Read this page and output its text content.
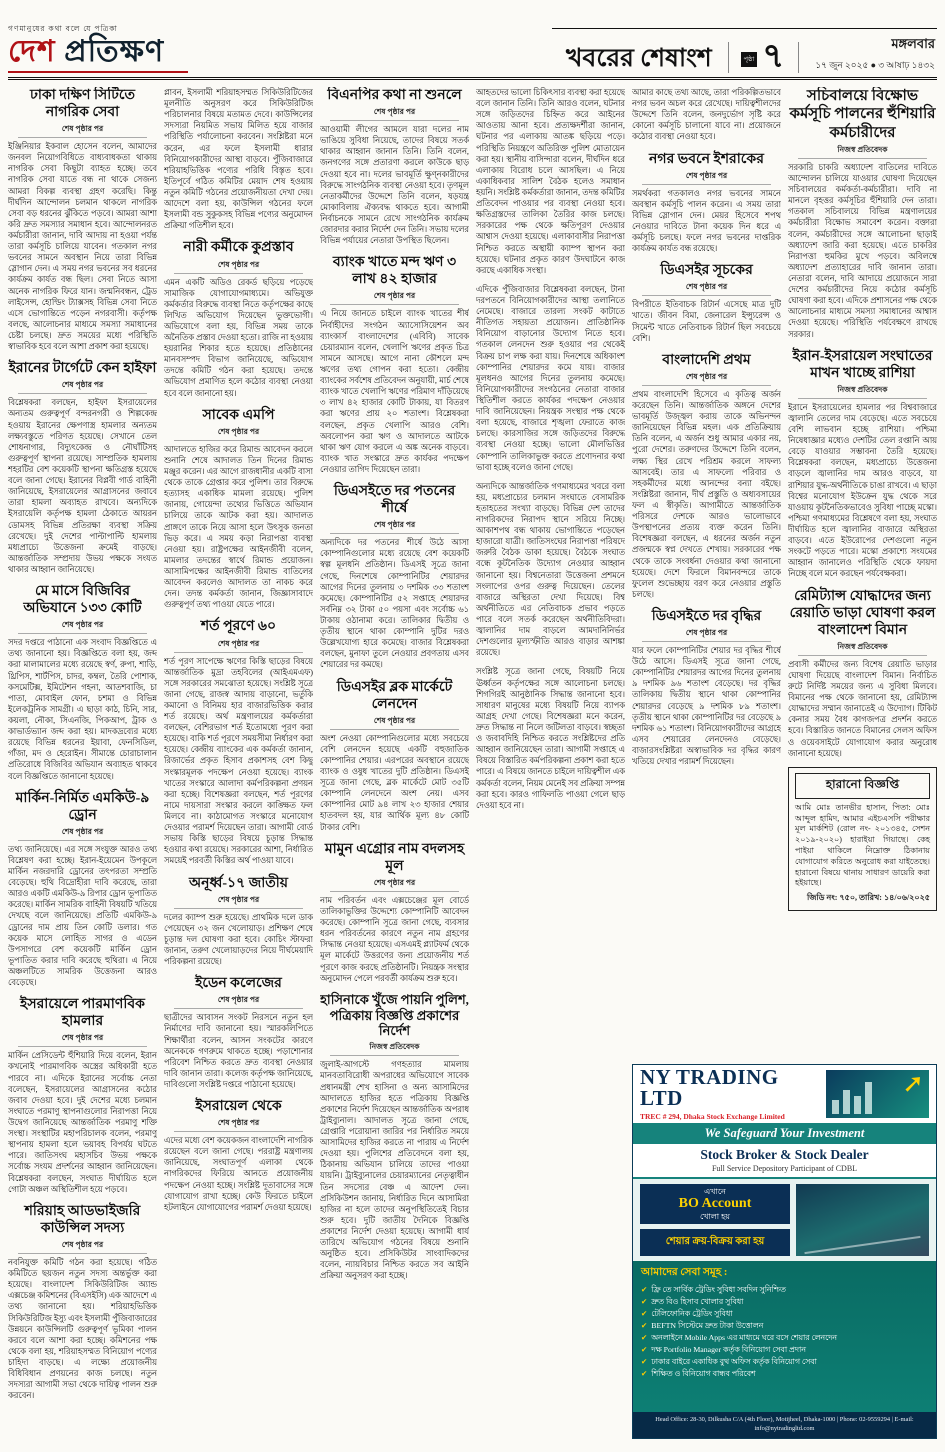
গণমানুষের কথা বলে যে পত্রিকা
দেশ প্রতিক্ষণ	খবরের শেষাংশ	পৃষ্ঠা ৭	মঙ্গলবার
১৭ জুন ২০২৫ ● ৩ আষাঢ় ১৪৩২
ঢাকা দক্ষিণ সিটিতে নাগরিক সেবা
শেষ পৃষ্ঠার পর

ইঞ্জিনিয়ার ইকবাল হোসেন বলেন, আমাদের জনবল নিয়োগবিধিতে বাধ্যবাধকতা থাকায় নাগরিক সেবা কিছুটা ব্যাহত হচ্ছে। তবে নাগরিক সেবা যাতে বন্ধ না থাকে সেজন্য আমরা বিকল্প ব্যবস্থা গ্রহণ করেছি। কিন্তু দীর্ঘদিন আন্দোলন চলমান থাকলে নাগরিক সেবা বড় ধরনের ঝুঁকিতে পড়বে। আমরা আশা করি দ্রুত সমস্যার সমাধান হবে। আন্দোলনরত কর্মচারীরা জানান, দাবি আদায় না হওয়া পর্যন্ত তারা কর্মসূচি চালিয়ে যাবেন। গতকাল নগর ভবনের সামনে অবস্থান নিয়ে তারা বিভিন্ন স্লোগান দেন। এ সময় নগর ভবনের সব ধরনের কার্যক্রম কার্যত বন্ধ ছিল। সেবা নিতে আসা অনেক নাগরিক ফিরে যান। জন্মনিবন্ধন, ট্রেড লাইসেন্স, হোল্ডিং ট্যাক্সসহ বিভিন্ন সেবা নিতে এসে ভোগান্তিতে পড়েন নগরবাসী। কর্তৃপক্ষ বলছে, আলোচনার মাধ্যমে সমস্যা সমাধানের চেষ্টা চলছে। দ্রুত সময়ের মধ্যে পরিস্থিতি স্বাভাবিক হবে বলে আশা প্রকাশ করা হয়েছে।

ইরানের টার্গেটে কেন হাইফা
শেষ পৃষ্ঠার পর

বিশ্লেষকরা বলছেন, হাইফা ইসরায়েলের অন্যতম গুরুত্বপূর্ণ বন্দরনগরী ও শিল্পকেন্দ্র হওয়ায় ইরানের ক্ষেপণাস্ত্র হামলার অন্যতম লক্ষ্যবস্তুতে পরিণত হয়েছে। সেখানে তেল শোধনাগার, বিদ্যুৎকেন্দ্র ও নৌঘাঁটিসহ গুরুত্বপূর্ণ স্থাপনা রয়েছে। সাম্প্রতিক হামলায় শহরটির বেশ কয়েকটি স্থাপনা ক্ষতিগ্রস্ত হয়েছে বলে জানা গেছে। ইরানের বিপ্লবী গার্ড বাহিনী জানিয়েছে, ইসরায়েলের আগ্রাসনের জবাবে তারা হামলা অব্যাহত রাখবে। অন্যদিকে ইসরায়েলি কর্তৃপক্ষ হামলা ঠেকাতে আয়রন ডোমসহ বিভিন্ন প্রতিরক্ষা ব্যবস্থা সক্রিয় রেখেছে। দুই দেশের পাল্টাপাল্টি হামলায় মধ্যপ্রাচ্যে উত্তেজনা ক্রমেই বাড়ছে। আন্তর্জাতিক সম্প্রদায় উভয় পক্ষকে সংযত থাকার আহ্বান জানিয়েছে।

মে মাসে বিজিবির অভিযানে ১৩৩ কোটি
শেষ পৃষ্ঠার পর

সদর দপ্তরে পাঠানো এক সংবাদ বিজ্ঞপ্তিতে এ তথ্য জানানো হয়। বিজ্ঞপ্তিতে বলা হয়, জব্দ করা মালামালের মধ্যে রয়েছে স্বর্ণ, রুপা, শাড়ি, থ্রিপিস, শার্টপিস, চাদর, কম্বল, তৈরি পোশাক, কসমেটিক্স, ইমিটেশন গহনা, আতশবাজি, চা পাতা, মোবাইল ফোন, চশমা ও বিভিন্ন ইলেকট্রনিক সামগ্রী। এ ছাড়া কাঠ, চিনি, সার, কয়লা, নৌকা, সিএনজি, পিকআপ, ট্রাক ও কাভার্ডভ্যান জব্দ করা হয়। মাদকদ্রব্যের মধ্যে রয়েছে বিভিন্ন ধরনের ইয়াবা, ফেনসিডিল, গাঁজা, মদ ও হেরোইন। সীমান্তে চোরাচালান প্রতিরোধে বিজিবির অভিযান অব্যাহত থাকবে বলে বিজ্ঞপ্তিতে জানানো হয়েছে।

মার্কিন-নির্মিত এমকিউ-৯ ড্রোন
শেষ পৃষ্ঠার পর

তথ্য জানিয়েছে। এর সঙ্গে সংযুক্ত আরও তথ্য বিশ্লেষণ করা হচ্ছে। ইরান-ইয়েমেন উপকূলে মার্কিন নজরদারি ড্রোনের তৎপরতা সম্প্রতি বেড়েছে। হুথি বিদ্রোহীরা দাবি করেছে, তারা আরও একটি এমকিউ-৯ রিপার ড্রোন ভূপাতিত করেছে। মার্কিন সামরিক বাহিনী বিষয়টি খতিয়ে দেখছে বলে জানিয়েছে। প্রতিটি এমকিউ-৯ ড্রোনের দাম প্রায় তিন কোটি ডলার। গত কয়েক মাসে লোহিত সাগর ও এডেন উপসাগরে বেশ কয়েকটি মার্কিন ড্রোন ভূপাতিত করার দাবি করেছে হুথিরা। এ নিয়ে অঞ্চলটিতে সামরিক উত্তেজনা আরও বেড়েছে।

ইসরায়েলে পারমাণবিক হামলার
শেষ পৃষ্ঠার পর

মার্কিন প্রেসিডেন্ট হুঁশিয়ারি দিয়ে বলেন, ইরান কখনোই পারমাণবিক অস্ত্রের অধিকারী হতে পারবে না। এদিকে ইরানের সর্বোচ্চ নেতা বলেছেন, ইসরায়েলের আগ্রাসনের কঠোর জবাব দেওয়া হবে। দুই দেশের মধ্যে চলমান সংঘাতে পরমাণু স্থাপনাগুলোর নিরাপত্তা নিয়ে উদ্বেগ জানিয়েছে আন্তর্জাতিক পরমাণু শক্তি সংস্থা। সংস্থাটির মহাপরিচালক বলেন, পরমাণু স্থাপনায় হামলা হলে ভয়াবহ বিপর্যয় ঘটতে পারে। জাতিসংঘ মহাসচিব উভয় পক্ষকে সর্বোচ্চ সংযম প্রদর্শনের আহ্বান জানিয়েছেন। বিশ্লেষকরা বলছেন, সংঘাত দীর্ঘায়িত হলে গোটা অঞ্চল অস্থিতিশীল হয়ে পড়বে।

শরিয়াহ আডভাইজরি কাউন্সিল সদস্য
শেষ পৃষ্ঠার পর

নবনিযুক্ত কমিটি গঠন করা হয়েছে। গঠিত কমিটিতে ছয়জন নতুন সদস্য অন্তর্ভুক্ত করা হয়েছে। বাংলাদেশ সিকিউরিটিজ অ্যান্ড এক্সচেঞ্জ কমিশনের (বিএসইসি) এক আদেশে এ তথ্য জানানো হয়। শরিয়াহভিত্তিক সিকিউরিটিজ ইস্যু এবং ইসলামী পুঁজিবাজারের উন্নয়নে কাউন্সিলটি গুরুত্বপূর্ণ ভূমিকা পালন করবে বলে আশা করা হচ্ছে। কমিশনের পক্ষ থেকে বলা হয়, শরিয়াহসম্মত বিনিয়োগ পণ্যের চাহিদা বাড়ছে। এ লক্ষ্যে প্রয়োজনীয় বিধিবিধান প্রণয়নের কাজ চলছে। নতুন সদস্যরা আগামী সভা থেকে দায়িত্ব পালন শুরু করবেন।

প্লাবন, ইসলামী শরিয়াহসম্মত সিকিউরিটিজের মূলনীতি অনুসরণ করে সিকিউরিটিজ পরিচালনার বিষয়ে মতামত দেবে। কাউন্সিলের সদস্যরা নিয়মিত সভায় মিলিত হয়ে বাজার পরিস্থিতি পর্যালোচনা করবেন। সংশ্লিষ্টরা মনে করেন, এর ফলে ইসলামী ধারার বিনিয়োগকারীদের আস্থা বাড়বে। পুঁজিবাজারে শরিয়াহভিত্তিক পণ্যের পরিধি বিস্তৃত হবে। ইতিপূর্বে গঠিত কমিটির মেয়াদ শেষ হওয়ায় নতুন কমিটি গঠনের প্রয়োজনীয়তা দেখা দেয়। আদেশে বলা হয়, কাউন্সিল গঠনের ফলে ইসলামী বন্ড সুকুকসহ বিভিন্ন পণ্যের অনুমোদন প্রক্রিয়া গতিশীল হবে।

নারী কর্মীকে কুপ্রস্তাব
শেষ পৃষ্ঠার পর

এমন একটি অডিও রেকর্ড ছড়িয়ে পড়েছে সামাজিক যোগাযোগমাধ্যমে। অভিযুক্ত কর্মকর্তার বিরুদ্ধে ব্যবস্থা নিতে কর্তৃপক্ষের কাছে লিখিত অভিযোগ দিয়েছেন ভুক্তভোগী। অভিযোগে বলা হয়, বিভিন্ন সময় তাকে অনৈতিক প্রস্তাব দেওয়া হতো। রাজি না হওয়ায় হয়রানির শিকার হতে হয়েছে। প্রতিষ্ঠানের মানবসম্পদ বিভাগ জানিয়েছে, অভিযোগ তদন্তে কমিটি গঠন করা হয়েছে। তদন্তে অভিযোগ প্রমাণিত হলে কঠোর ব্যবস্থা নেওয়া হবে বলে জানানো হয়।

সাবেক এমপি
শেষ পৃষ্ঠার পর

আদালতে হাজির করে রিমান্ড আবেদন করলে শুনানি শেষে আদালত তিন দিনের রিমান্ড মঞ্জুর করেন। এর আগে রাজধানীর একটি বাসা থেকে তাকে গ্রেপ্তার করে পুলিশ। তার বিরুদ্ধে হত্যাসহ একাধিক মামলা রয়েছে। পুলিশ জানায়, গোয়েন্দা তথ্যের ভিত্তিতে অভিযান চালিয়ে তাকে আটক করা হয়। আদালত প্রাঙ্গণে তাকে নিয়ে আসা হলে উৎসুক জনতা ভিড় করে। এ সময় কড়া নিরাপত্তা ব্যবস্থা নেওয়া হয়। রাষ্ট্রপক্ষের আইনজীবী বলেন, মামলার তদন্তের স্বার্থে রিমান্ড প্রয়োজন। আসামিপক্ষের আইনজীবী রিমান্ড বাতিলের আবেদন করলেও আদালত তা নাকচ করে দেন। তদন্ত কর্মকর্তা জানান, জিজ্ঞাসাবাদে গুরুত্বপূর্ণ তথ্য পাওয়া যেতে পারে।

শর্ত পূরণে ৬০
শেষ পৃষ্ঠার পর

শর্ত পূরণ সাপেক্ষে ঋণের কিস্তি ছাড়ের বিষয়ে আন্তর্জাতিক মুদ্রা তহবিলের (আইএমএফ) সঙ্গে সরকারের সমঝোতা হয়েছে। সংশ্লিষ্ট সূত্রে জানা গেছে, রাজস্ব আদায় বাড়ানো, ভর্তুকি কমানো ও বিনিময় হার বাজারভিত্তিক করার শর্ত রয়েছে। অর্থ মন্ত্রণালয়ের কর্মকর্তারা বলছেন, বেশিরভাগ শর্ত ইতোমধ্যে পূরণ করা হয়েছে। বাকি শর্ত পূরণে সময়সীমা নির্ধারণ করা হয়েছে। কেন্দ্রীয় ব্যাংকের এক কর্মকর্তা জানান, রিজার্ভের প্রকৃত হিসাব প্রকাশসহ বেশ কিছু সংস্কারমূলক পদক্ষেপ নেওয়া হয়েছে। ব্যাংক খাতের সংস্কারে আলাদা কর্মপরিকল্পনা প্রণয়ন করা হচ্ছে। বিশেষজ্ঞরা বলছেন, শর্ত পূরণের নামে দায়সারা সংস্কার করলে কাঙ্ক্ষিত ফল মিলবে না। কাঠামোগত সংস্কারে মনোযোগ দেওয়ার পরামর্শ দিয়েছেন তারা। আগামী বোর্ড সভায় কিস্তি ছাড়ের বিষয়ে চূড়ান্ত সিদ্ধান্ত হওয়ার কথা রয়েছে। সরকারের আশা, নির্ধারিত সময়েই পরবর্তী কিস্তির অর্থ পাওয়া যাবে।

অনূর্ধ্ব-১৭ জাতীয়
শেষ পৃষ্ঠার পর

দলের ক্যাম্প শুরু হয়েছে। প্রাথমিক দলে ডাক পেয়েছেন ৩২ জন খেলোয়াড়। প্রশিক্ষণ শেষে চূড়ান্ত দল ঘোষণা করা হবে। কোচিং স্টাফরা জানান, তরুণ খেলোয়াড়দের নিয়ে দীর্ঘমেয়াদি পরিকল্পনা রয়েছে।

ইডেন কলেজের
শেষ পৃষ্ঠার পর

ছাত্রীদের আবাসন সংকট নিরসনে নতুন হল নির্মাণের দাবি জানানো হয়। স্মারকলিপিতে শিক্ষার্থীরা বলেন, আসন সংকটের কারণে অনেককে গণরুমে থাকতে হচ্ছে। পড়াশোনার পরিবেশ নিশ্চিত করতে দ্রুত ব্যবস্থা নেওয়ার দাবি জানান তারা। কলেজ কর্তৃপক্ষ জানিয়েছে, দাবিগুলো সংশ্লিষ্ট দপ্তরে পাঠানো হয়েছে।

ইসরায়েল থেকে
শেষ পৃষ্ঠার পর

এদের মধ্যে বেশ কয়েকজন বাংলাদেশি নাগরিক রয়েছেন বলে জানা গেছে। পররাষ্ট্র মন্ত্রণালয় জানিয়েছে, সংঘাতপূর্ণ এলাকা থেকে নাগরিকদের ফিরিয়ে আনতে প্রয়োজনীয় পদক্ষেপ নেওয়া হচ্ছে। সংশ্লিষ্ট দূতাবাসের সঙ্গে যোগাযোগ রাখা হচ্ছে। কেউ ফিরতে চাইলে হটলাইনে যোগাযোগের পরামর্শ দেওয়া হয়েছে।

বিএনপির কথা না শুনলে
শেষ পৃষ্ঠার পর

আওয়ামী লীগের আমলে যারা দলের নাম ভাঙিয়ে সুবিধা নিয়েছে, তাদের বিষয়ে সতর্ক থাকার আহ্বান জানান তিনি। তিনি বলেন, জনগণের সঙ্গে প্রতারণা করলে কাউকে ছাড় দেওয়া হবে না। দলের ভাবমূর্তি ক্ষুণ্নকারীদের বিরুদ্ধে সাংগঠনিক ব্যবস্থা নেওয়া হবে। তৃণমূল নেতাকর্মীদের উদ্দেশে তিনি বলেন, ষড়যন্ত্র মোকাবিলায় ঐক্যবদ্ধ থাকতে হবে। আগামী নির্বাচনকে সামনে রেখে সাংগঠনিক কার্যক্রম জোরদার করার নির্দেশ দেন তিনি। সভায় দলের বিভিন্ন পর্যায়ের নেতারা উপস্থিত ছিলেন।

ব্যাংক খাতে মন্দ ঋণ ৩ লাখ ৪২ হাজার
শেষ পৃষ্ঠার পর

এ নিয়ে জানতে চাইলে ব্যাংক খাতের শীর্ষ নির্বাহীদের সংগঠন অ্যাসোসিয়েশন অব ব্যাংকার্স বাংলাদেশের (এবিবি) সাবেক চেয়ারম্যান বলেন, খেলাপি ঋণের প্রকৃত চিত্র সামনে আসছে। আগে নানা কৌশলে মন্দ ঋণের তথ্য গোপন করা হতো। কেন্দ্রীয় ব্যাংকের সর্বশেষ প্রতিবেদন অনুযায়ী, মার্চ শেষে ব্যাংক খাতে খেলাপি ঋণের পরিমাণ দাঁড়িয়েছে ৩ লাখ ৪২ হাজার কোটি টাকায়, যা বিতরণ করা ঋণের প্রায় ২০ শতাংশ। বিশ্লেষকরা বলছেন, প্রকৃত খেলাপি আরও বেশি। অবলোপন করা ঋণ ও আদালতে আটকে থাকা ঋণ যোগ করলে এ অঙ্ক অনেক বাড়বে। ব্যাংক খাত সংস্কারে দ্রুত কার্যকর পদক্ষেপ নেওয়ার তাগিদ দিয়েছেন তারা।

ডিএসইতে দর পতনের শীর্ষে
শেষ পৃষ্ঠার পর

অন্যদিকে দর পতনের শীর্ষে উঠে আসা কোম্পানিগুলোর মধ্যে রয়েছে বেশ কয়েকটি স্বল্প মূলধনি প্রতিষ্ঠান। ডিএসই সূত্রে জানা গেছে, দিনশেষে কোম্পানিটির শেয়ারদর আগের দিনের তুলনায় ৩ দশমিক ৩৩ শতাংশ কমেছে। কোম্পানিটির ৫২ সপ্তাহে শেয়ারদর সর্বনিম্ন ৩২ টাকা ৫০ পয়সা এবং সর্বোচ্চ ৬১ টাকায় ওঠানামা করে। তালিকার দ্বিতীয় ও তৃতীয় স্থানে থাকা কোম্পানি দুটির দরও উল্লেখযোগ্য হারে কমেছে। বাজার বিশ্লেষকরা বলছেন, মুনাফা তুলে নেওয়ার প্রবণতায় এসব শেয়ারের দর কমছে।

ডিএসইর ব্লক মার্কেটে লেনদেন
শেষ পৃষ্ঠার পর

অংশ নেওয়া কোম্পানিগুলোর মধ্যে সবচেয়ে বেশি লেনদেন হয়েছে একটি বহুজাতিক কোম্পানির শেয়ার। এরপরের অবস্থানে রয়েছে ব্যাংক ও ওষুধ খাতের দুটি প্রতিষ্ঠান। ডিএসই সূত্রে জানা গেছে, ব্লক মার্কেটে মোট ৩৫টি কোম্পানি লেনদেনে অংশ নেয়। এসব কোম্পানির মোট ৯৪ লাখ ২৩ হাজার শেয়ার হাতবদল হয়, যার আর্থিক মূল্য ৪৮ কোটি টাকার বেশি।

মামুন এগ্রোর নাম বদলসহ মূল
শেষ পৃষ্ঠার পর

নাম পরিবর্তন এবং এক্সচেঞ্জের মূল বোর্ডে তালিকাভুক্তির উদ্দেশ্যে কোম্পানিটি আবেদন করেছে। কোম্পানি সূত্রে জানা গেছে, ব্যবসার ধরন পরিবর্তনের কারণে নতুন নাম গ্রহণের সিদ্ধান্ত নেওয়া হয়েছে। এসএমই প্ল্যাটফর্ম থেকে মূল মার্কেটে উত্তরণের জন্য প্রয়োজনীয় শর্ত পূরণে কাজ করছে প্রতিষ্ঠানটি। নিয়ন্ত্রক সংস্থার অনুমোদন পেলে পরবর্তী কার্যক্রম শুরু হবে।

হাসিনাকে খুঁজে পায়নি পুলিশ, পত্রিকায় বিজ্ঞপ্তি প্রকাশের নির্দেশ
নিজস্ব প্রতিবেদক

জুলাই-আগস্টে গণহত্যার মামলায় মানবতাবিরোধী অপরাধের অভিযোগে সাবেক প্রধানমন্ত্রী শেখ হাসিনা ও অন্য আসামিদের আদালতে হাজির হতে পত্রিকায় বিজ্ঞপ্তি প্রকাশের নির্দেশ দিয়েছেন আন্তর্জাতিক অপরাধ ট্রাইব্যুনাল। আদালত সূত্রে জানা গেছে, গ্রেপ্তারি পরোয়ানা জারির পর নির্ধারিত সময়ে আসামিদের হাজির করতে না পারায় এ নির্দেশ দেওয়া হয়। পুলিশের প্রতিবেদনে বলা হয়, ঠিকানায় অভিযান চালিয়ে তাদের পাওয়া যায়নি। ট্রাইব্যুনালের চেয়ারম্যানের নেতৃত্বাধীন তিন সদস্যের বেঞ্চ এ আদেশ দেন। প্রসিকিউশন জানায়, নির্ধারিত দিনে আসামিরা হাজির না হলে তাদের অনুপস্থিতিতেই বিচার শুরু হবে। দুটি জাতীয় দৈনিকে বিজ্ঞপ্তি প্রকাশের নির্দেশ দেওয়া হয়েছে। আগামী ধার্য তারিখে অভিযোগ গঠনের বিষয়ে শুনানি অনুষ্ঠিত হবে। প্রসিকিউটর সাংবাদিকদের বলেন, ন্যায়বিচার নিশ্চিত করতে সব আইনি প্রক্রিয়া অনুসরণ করা হচ্ছে।

আহতদের ভালো চিকিৎসার ব্যবস্থা করা হয়েছে বলে জানান তিনি। তিনি আরও বলেন, ঘটনার সঙ্গে জড়িতদের চিহ্নিত করে আইনের আওতায় আনা হবে। প্রত্যক্ষদর্শীরা জানান, ঘটনার পর এলাকায় আতঙ্ক ছড়িয়ে পড়ে। পরিস্থিতি নিয়ন্ত্রণে অতিরিক্ত পুলিশ মোতায়েন করা হয়। স্থানীয় বাসিন্দারা বলেন, দীর্ঘদিন ধরে এলাকায় বিরোধ চলে আসছিল। এ নিয়ে একাধিকবার সালিশ বৈঠক হলেও সমাধান হয়নি। সংশ্লিষ্ট কর্মকর্তারা জানান, তদন্ত কমিটির প্রতিবেদন পাওয়ার পর ব্যবস্থা নেওয়া হবে। ক্ষতিগ্রস্তদের তালিকা তৈরির কাজ চলছে। সরকারের পক্ষ থেকে ক্ষতিপূরণ দেওয়ার আশ্বাস দেওয়া হয়েছে। এলাকাবাসীর নিরাপত্তা নিশ্চিত করতে অস্থায়ী ক্যাম্প স্থাপন করা হয়েছে। ঘটনার প্রকৃত কারণ উদঘাটনে কাজ করছে একাধিক সংস্থা।

এদিকে পুঁজিবাজার বিশ্লেষকরা বলছেন, টানা দরপতনে বিনিয়োগকারীদের আস্থা তলানিতে নেমেছে। বাজারে তারল্য সংকট কাটাতে নীতিগত সহায়তা প্রয়োজন। প্রাতিষ্ঠানিক বিনিয়োগ বাড়ানোর উদ্যোগ নিতে হবে। গতকাল লেনদেন শুরু হওয়ার পর থেকেই বিক্রয় চাপ লক্ষ করা যায়। দিনশেষে অধিকাংশ কোম্পানির শেয়ারদর কমে যায়। বাজার মূলধনও আগের দিনের তুলনায় কমেছে। বিনিয়োগকারীদের সংগঠনের নেতারা বাজার স্থিতিশীল করতে কার্যকর পদক্ষেপ নেওয়ার দাবি জানিয়েছেন। নিয়ন্ত্রক সংস্থার পক্ষ থেকে বলা হয়েছে, বাজারে শৃঙ্খলা ফেরাতে কাজ চলছে। কারসাজির সঙ্গে জড়িতদের বিরুদ্ধে ব্যবস্থা নেওয়া হচ্ছে। ভালো মৌলভিত্তির কোম্পানি তালিকাভুক্ত করতে প্রণোদনার কথা ভাবা হচ্ছে বলেও জানা গেছে।

অন্যদিকে আন্তর্জাতিক গণমাধ্যমের খবরে বলা হয়, মধ্যপ্রাচ্যের চলমান সংঘাতে বেসামরিক হতাহতের সংখ্যা বাড়ছে। বিভিন্ন দেশ তাদের নাগরিকদের নিরাপদ স্থানে সরিয়ে নিচ্ছে। আকাশপথ বন্ধ থাকায় ভোগান্তিতে পড়েছেন হাজারো যাত্রী। জাতিসংঘের নিরাপত্তা পরিষদে জরুরি বৈঠক ডাকা হয়েছে। বৈঠকে সংঘাত বন্ধে কূটনৈতিক উদ্যোগ নেওয়ার আহ্বান জানানো হয়। বিশ্বনেতারা উত্তেজনা প্রশমনে সংলাপের ওপর গুরুত্ব দিয়েছেন। তেলের বাজারে অস্থিরতা দেখা দিয়েছে। বিশ্ব অর্থনীতিতে এর নেতিবাচক প্রভাব পড়তে পারে বলে সতর্ক করেছেন অর্থনীতিবিদরা। জ্বালানির দাম বাড়লে আমদানিনির্ভর দেশগুলোর মূল্যস্ফীতি আরও বাড়ার আশঙ্কা রয়েছে।

সংশ্লিষ্ট সূত্রে জানা গেছে, বিষয়টি নিয়ে ঊর্ধ্বতন কর্তৃপক্ষের সঙ্গে আলোচনা চলছে। শিগগিরই আনুষ্ঠানিক সিদ্ধান্ত জানানো হবে। সাধারণ মানুষের মধ্যে বিষয়টি নিয়ে ব্যাপক আগ্রহ দেখা গেছে। বিশেষজ্ঞরা মনে করেন, দ্রুত সিদ্ধান্ত না নিলে জটিলতা বাড়বে। স্বচ্ছতা ও জবাবদিহি নিশ্চিত করতে সংশ্লিষ্টদের প্রতি আহ্বান জানিয়েছেন তারা। আগামী সপ্তাহে এ বিষয়ে বিস্তারিত কর্মপরিকল্পনা প্রকাশ করা হতে পারে। এ বিষয়ে জানতে চাইলে দায়িত্বশীল এক কর্মকর্তা বলেন, নিয়ম মেনেই সব প্রক্রিয়া সম্পন্ন করা হবে। কারও গাফিলতি পাওয়া গেলে ছাড় দেওয়া হবে না।

আমার কাছে তথ্য আছে, তারা পরিকল্পিতভাবে নগর ভবন অচল করে রেখেছে। দায়িত্বশীলদের উদ্দেশে তিনি বলেন, জনদুর্ভোগ সৃষ্টি করে কোনো কর্মসূচি চালানো যাবে না। প্রয়োজনে কঠোর ব্যবস্থা নেওয়া হবে।

নগর ভবনে ইশরাকের
শেষ পৃষ্ঠার পর

সমর্থকরা গতকালও নগর ভবনের সামনে অবস্থান কর্মসূচি পালন করেন। এ সময় তারা বিভিন্ন স্লোগান দেন। মেয়র হিসেবে শপথ নেওয়ার দাবিতে টানা কয়েক দিন ধরে এ কর্মসূচি চলছে। ফলে নগর ভবনের দাপ্তরিক কার্যক্রম কার্যত বন্ধ রয়েছে।

ডিএসইর সূচকের
শেষ পৃষ্ঠার পর

বিপরীতে ইতিবাচক রিটার্ন এসেছে মাত্র দুটি খাতে। জীবন বিমা, জেনারেল ইন্স্যুরেন্স ও সিমেন্ট খাতে নেতিবাচক রিটার্ন ছিল সবচেয়ে বেশি।

বাংলাদেশি প্রথম
শেষ পৃষ্ঠার পর

প্রথম বাংলাদেশি হিসেবে এ কৃতিত্ব অর্জন করেছেন তিনি। আন্তর্জাতিক অঙ্গনে দেশের ভাবমূর্তি উজ্জ্বল করায় তাকে অভিনন্দন জানিয়েছেন বিভিন্ন মহল। এক প্রতিক্রিয়ায় তিনি বলেন, এ অর্জন শুধু আমার একার নয়, পুরো দেশের। তরুণদের উদ্দেশে তিনি বলেন, লক্ষ্য স্থির রেখে পরিশ্রম করলে সাফল্য আসবেই। তার এ সাফল্যে পরিবার ও সহকর্মীদের মধ্যে আনন্দের বন্যা বইছে। সংশ্লিষ্টরা জানান, দীর্ঘ প্রস্তুতি ও অধ্যবসায়ের ফল এ স্বীকৃতি। আগামীতে আন্তর্জাতিক পরিসরে দেশকে আরও ভালোভাবে উপস্থাপনের প্রত্যয় ব্যক্ত করেন তিনি। বিশেষজ্ঞরা বলছেন, এ ধরনের অর্জন নতুন প্রজন্মকে স্বপ্ন দেখতে শেখায়। সরকারের পক্ষ থেকে তাকে সংবর্ধনা দেওয়ার কথা জানানো হয়েছে। দেশে ফিরলে বিমানবন্দরে তাকে ফুলেল শুভেচ্ছায় বরণ করে নেওয়ার প্রস্তুতি চলছে।

ডিএসইতে দর বৃদ্ধির
শেষ পৃষ্ঠার পর

যার ফলে কোম্পানিটির শেয়ার দর বৃদ্ধির শীর্ষে উঠে আসে। ডিএসই সূত্রে জানা গেছে, কোম্পানিটির শেয়ারদর আগের দিনের তুলনায় ৯ দশমিক ৯৬ শতাংশ বেড়েছে। দর বৃদ্ধির তালিকায় দ্বিতীয় স্থানে থাকা কোম্পানির শেয়ারদর বেড়েছে ৯ দশমিক ৮৯ শতাংশ। তৃতীয় স্থানে থাকা কোম্পানিটির দর বেড়েছে ৯ দশমিক ৬১ শতাংশ। বিনিয়োগকারীদের আগ্রহে এসব শেয়ারের লেনদেনও বেড়েছে। বাজারসংশ্লিষ্টরা অস্বাভাবিক দর বৃদ্ধির কারণ খতিয়ে দেখার পরামর্শ দিয়েছেন।

সচিবালয়ে বিক্ষোভ কর্মসূচি পালনের হুঁশিয়ারি কর্মচারীদের
নিজস্ব প্রতিবেদক

সরকারি চাকরি অধ্যাদেশ বাতিলের দাবিতে আন্দোলন চালিয়ে যাওয়ার ঘোষণা দিয়েছেন সচিবালয়ের কর্মকর্তা-কর্মচারীরা। দাবি না মানলে বৃহত্তর কর্মসূচির হুঁশিয়ারি দেন তারা। গতকাল সচিবালয়ে বিভিন্ন মন্ত্রণালয়ের কর্মচারীরা বিক্ষোভ সমাবেশ করেন। বক্তারা বলেন, কর্মচারীদের সঙ্গে আলোচনা ছাড়াই অধ্যাদেশ জারি করা হয়েছে। এতে চাকরির নিরাপত্তা হুমকির মুখে পড়বে। অবিলম্বে অধ্যাদেশ প্রত্যাহারের দাবি জানান তারা। নেতারা বলেন, দাবি আদায়ে প্রয়োজনে সারা দেশের কর্মচারীদের নিয়ে কঠোর কর্মসূচি ঘোষণা করা হবে। এদিকে প্রশাসনের পক্ষ থেকে আলোচনার মাধ্যমে সমস্যা সমাধানের আশ্বাস দেওয়া হয়েছে। পরিস্থিতি পর্যবেক্ষণে রাখছে সরকার।

ইরান-ইসরায়েল সংঘাতের মাখন খাচ্ছে রাশিয়া
নিজস্ব প্রতিবেদক

ইরানে ইসরায়েলের হামলার পর বিশ্ববাজারে জ্বালানি তেলের দাম বেড়েছে। এতে সবচেয়ে বেশি লাভবান হচ্ছে রাশিয়া। পশ্চিমা নিষেধাজ্ঞার মধ্যেও দেশটির তেল রপ্তানি আয় বেড়ে যাওয়ার সম্ভাবনা তৈরি হয়েছে। বিশ্লেষকরা বলছেন, মধ্যপ্রাচ্যে উত্তেজনা বাড়লে জ্বালানির দাম আরও বাড়বে, যা রাশিয়ার যুদ্ধ-অর্থনীতিকে চাঙা রাখবে। এ ছাড়া বিশ্বের মনোযোগ ইউক্রেন যুদ্ধ থেকে সরে যাওয়ায় কূটনৈতিকভাবেও সুবিধা পাচ্ছে মস্কো। পশ্চিমা গণমাধ্যমের বিশ্লেষণে বলা হয়, সংঘাত দীর্ঘায়িত হলে জ্বালানির বাজারে অস্থিরতা বাড়বে। এতে ইউরোপের দেশগুলো নতুন সংকটে পড়তে পারে। মস্কো প্রকাশ্যে সংযমের আহ্বান জানালেও পরিস্থিতি থেকে ফায়দা নিচ্ছে বলে মনে করছেন পর্যবেক্ষকরা।

রেমিট্যান্স যোদ্ধাদের জন্য রেয়াতি ভাড়া ঘোষণা করল বাংলাদেশ বিমান
নিজস্ব প্রতিবেদক

প্রবাসী কর্মীদের জন্য বিশেষ রেয়াতি ভাড়ার ঘোষণা দিয়েছে বাংলাদেশ বিমান। নির্বাচিত রুটে নির্দিষ্ট সময়ের জন্য এ সুবিধা মিলবে। বিমানের পক্ষ থেকে জানানো হয়, রেমিট্যান্স যোদ্ধাদের সম্মান জানাতেই এ উদ্যোগ। টিকিট কেনার সময় বৈধ কাগজপত্র প্রদর্শন করতে হবে। বিস্তারিত জানতে বিমানের সেলস অফিস ও ওয়েবসাইটে যোগাযোগ করার অনুরোধ জানানো হয়েছে।

হারানো বিজ্ঞপ্তি

আমি মোঃ তানভীর হাসান, পিতা: মোঃ আব্দুল হামিদ, আমার এইচএসসি পরীক্ষার মূল মার্কশিট (রোল নং- ২০১৩৪৫, সেশন ২০১৯-২০২০) হারাইয়া গিয়াছে। কেহ পাইয়া থাকিলে নিম্নোক্ত ঠিকানায় যোগাযোগ করিতে অনুরোধ করা যাইতেছে। হারানো বিষয়ে থানায় সাধারণ ডায়েরি করা হইয়াছে।

জিডি নং: ৭৫০, তারিখ: ১৪/০৬/২০২৫
NY TRADING LTD
TREC # 294, Dhaka Stock Exchange Limited
➚
We Safeguard Your Investment
Stock Broker & Stock Dealer
Full Service Depository Participant of CDBL
এখানে
BO Account
খোলা হয়
শেয়ার ক্রয়-বিক্রয় করা হয়
আমাদের সেবা সমূহ :
✔ ফ্রি তে সার্বিক ট্রেডিং সুবিধা সবদিন সুনিশ্চিত
✔ দ্রুত বিও হিসাব খোলার সুবিধা
✔ টেলিফোনিক ট্রেডিং সুবিধা
✔ BEFTN সিস্টেমে দ্রুত টাকা উত্তোলন
✔ অনলাইনে Mobile Apps এর মাধ্যমে ঘরে বসে শেয়ার লেনদেন
✔ দক্ষ Portfolio Manager কর্তৃক বিনিয়োগ সেবা প্রদান
✔ ঢাকার বাইরে একাধিক বুথ অফিস কর্তৃক বিনিয়োগ সেবা
✔ শিক্ষিত ও বিনিয়োগ বান্ধব পরিবেশ
Head Office: 28-30, Dilkusha C/A (4th Floor), Motijheel, Dhaka-1000 | Phone: 02-9559294 | E-mail: info@nytradingltd.com
